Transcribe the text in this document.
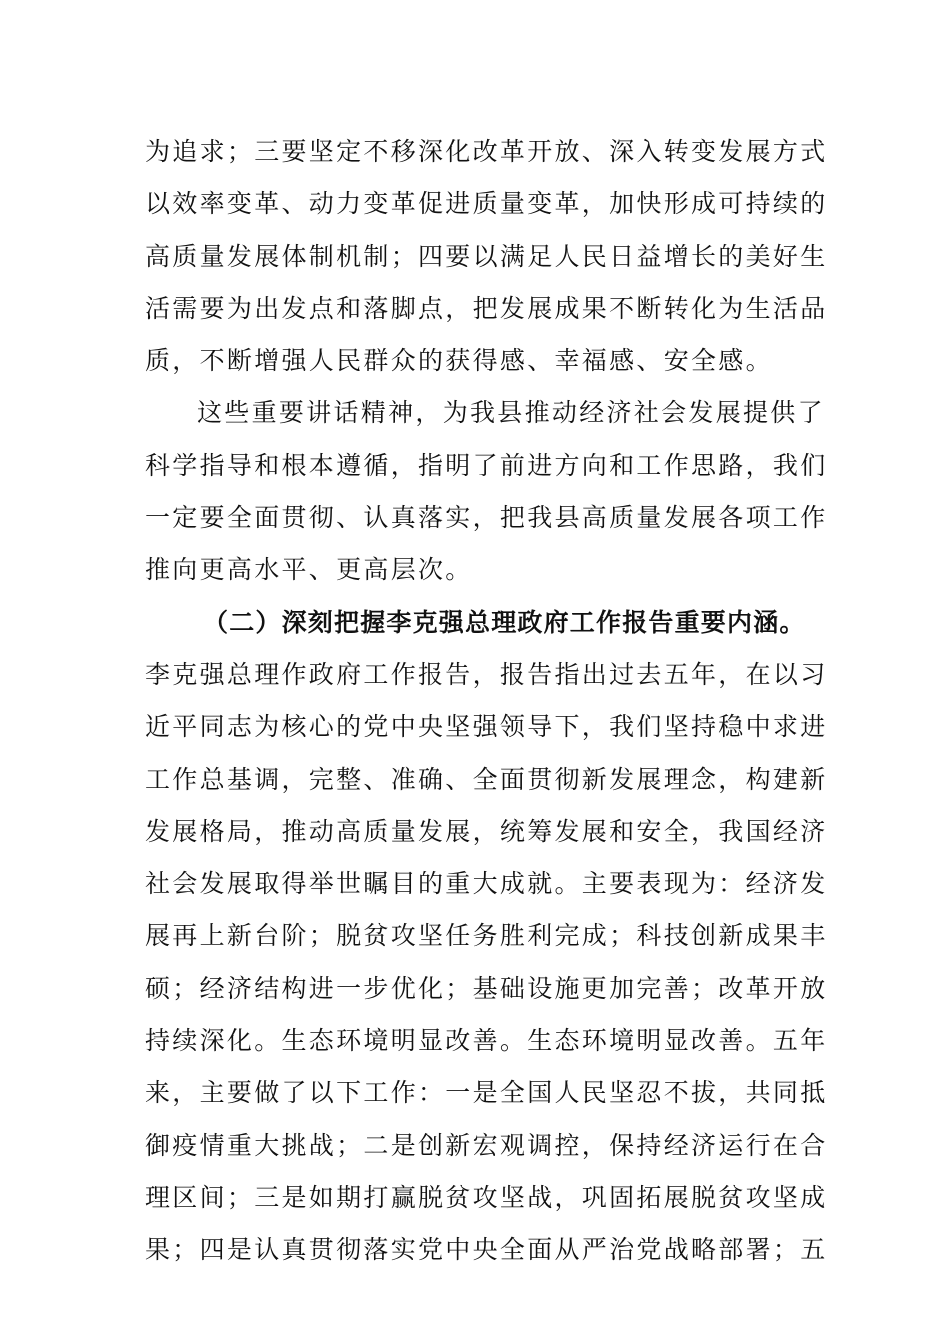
为追求；三要坚定不移深化改革开放、深入转变发展方式
以效率变革、动力变革促进质量变革，加快形成可持续的
高质量发展体制机制；四要以满足人民日益增长的美好生
活需要为出发点和落脚点，把发展成果不断转化为生活品
质，不断增强人民群众的获得感、幸福感、安全感。
这些重要讲话精神，为我县推动经济社会发展提供了
科学指导和根本遵循，指明了前进方向和工作思路，我们
一定要全面贯彻、认真落实，把我县高质量发展各项工作
推向更高水平、更高层次。
（二）深刻把握李克强总理政府工作报告重要内涵。
李克强总理作政府工作报告，报告指出过去五年，在以习
近平同志为核心的党中央坚强领导下，我们坚持稳中求进
工作总基调，完整、准确、全面贯彻新发展理念，构建新
发展格局，推动高质量发展，统筹发展和安全，我国经济
社会发展取得举世瞩目的重大成就。主要表现为：经济发
展再上新台阶；脱贫攻坚任务胜利完成；科技创新成果丰
硕；经济结构进一步优化；基础设施更加完善；改革开放
持续深化。生态环境明显改善。生态环境明显改善。五年
来，主要做了以下工作：一是全国人民坚忍不拔，共同抵
御疫情重大挑战；二是创新宏观调控，保持经济运行在合
理区间；三是如期打赢脱贫攻坚战，巩固拓展脱贫攻坚成
果；四是认真贯彻落实党中央全面从严治党战略部署；五
